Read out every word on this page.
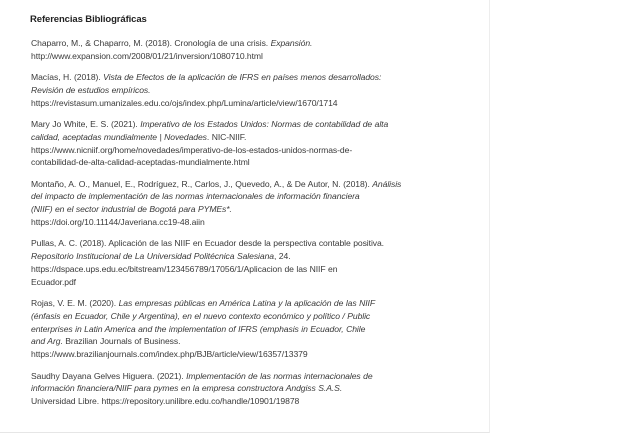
Referencias Bibliográficas

Chaparro, M., & Chaparro, M. (2018). Cronología de una crisis. Expansión.
http://www.expansion.com/2008/01/21/inversion/1080710.html

Macías, H. (2018). Vista de Efectos de la aplicación de IFRS en países menos desarrollados:
Revisión de estudios empíricos.
https://revistasum.umanizales.edu.co/ojs/index.php/Lumina/article/view/1670/1714

Mary Jo White, E. S. (2021). Imperativo de los Estados Unidos: Normas de contabilidad de alta
calidad, aceptadas mundialmente | Novedades. NIC-NIIF.
https://www.nicniif.org/home/novedades/imperativo-de-los-estados-unidos-normas-de-
contabilidad-de-alta-calidad-aceptadas-mundialmente.html

Montaño, A. O., Manuel, E., Rodríguez, R., Carlos, J., Quevedo, A., & De Autor, N. (2018). Análisis
del impacto de implementación de las normas internacionales de información financiera
(NIIF) en el sector industrial de Bogotá para PYMEs*.
https://doi.org/10.11144/Javeriana.cc19-48.aiin

Pullas, A. C. (2018). Aplicación de las NIIF en Ecuador desde la perspectiva contable positiva.
Repositorio Institucional de La Universidad Politécnica Salesiana, 24.
https://dspace.ups.edu.ec/bitstream/123456789/17056/1/Aplicacion de las NIIF en
Ecuador.pdf

Rojas, V. E. M. (2020). Las empresas públicas en América Latina y la aplicación de las NIIF
(énfasis en Ecuador, Chile y Argentina), en el nuevo contexto económico y político / Public
enterprises in Latin America and the implementation of IFRS (emphasis in Ecuador, Chile
and Arg. Brazilian Journals of Business.
https://www.brazilianjournals.com/index.php/BJB/article/view/16357/13379

Saudhy Dayana Gelves Higuera. (2021). Implementación de las normas internacionales de
información financiera/NIIF para pymes en la empresa constructora Andgiss S.A.S.
Universidad Libre. https://repository.unilibre.edu.co/handle/10901/19878
